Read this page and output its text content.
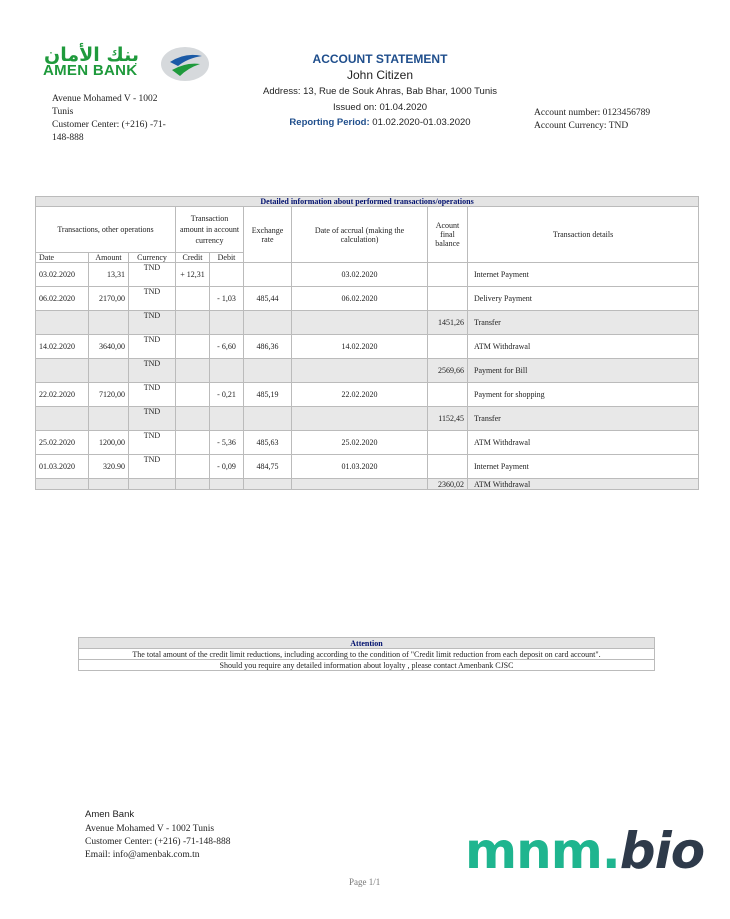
بنك الأمان
AMEN BANK
Avenue Mohamed V - 1002 Tunis
Customer Center: (+216) -71-148-888
ACCOUNT STATEMENT
John Citizen
Address: 13, Rue de Souk Ahras, Bab Bhar, 1000 Tunis
Issued on: 01.04.2020
Reporting Period: 01.02.2020-01.03.2020
Account number: 0123456789
Account Currency: TND
Detailed information about performed transactions/operations								
Transactions, other operations			Transaction amount in account currency		Exchange rate	Date of accrual (making the calculation)	Acount final balance	Transaction details
Date	Amount	Currency	Credit	Debit				
03.02.2020	13,31	TND	+ 12,31			03.02.2020		Internet Payment
06.02.2020	2170,00	TND		- 1,03	485,44	06.02.2020		Delivery Payment
		TND					1451,26	Transfer
14.02.2020	3640,00	TND		- 6,60	486,36	14.02.2020		ATM Withdrawal
		TND					2569,66	Payment for Bill
22.02.2020	7120,00	TND		- 0,21	485,19	22.02.2020		Payment for shopping
		TND					1152,45	Transfer
25.02.2020	1200,00	TND		- 5,36	485,63	25.02.2020		ATM Withdrawal
01.03.2020	320.90	TND		- 0,09	484,75	01.03.2020		Internet Payment
							2360,02	ATM Withdrawal
Attention
The total amount of the credit limit reductions, including according to the condition of "Credit limit reduction from each deposit on card account".
Should you require any detailed information about loyalty , please contact Amenbank CJSC
Amen Bank
Avenue Mohamed V - 1002 Tunis
Customer Center: (+216) -71-148-888
Email: info@amenbak.com.tn
Page 1/1
mnm.bio
